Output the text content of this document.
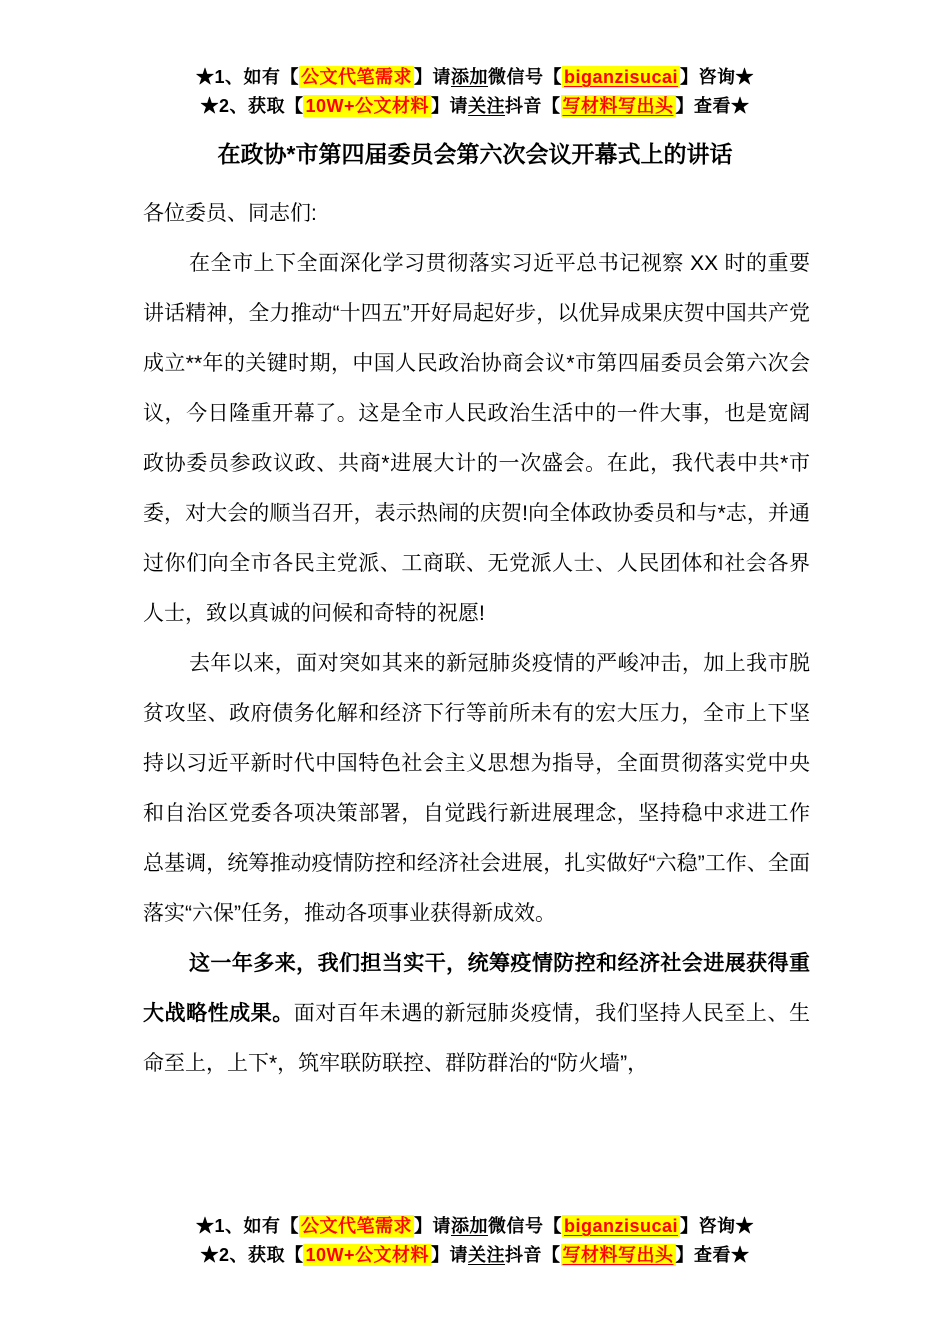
★1、如有【 公文代笔需求 】请添加微信号【 biganzisucai 】咨询★
★2、获取【 10W+公文材料 】请关注抖音【 写材料写出头 】查看★
在政协*市第四届委员会第六次会议开幕式上的讲话

各位委员、同志们:

在全市上下全面深化学习贯彻落实习近平总书记视察 XX 时的重要讲话精神，全力推动“十四五”开好局起好步，以优异成果庆贺中国共产党成立**年的关键时期，中国人民政治协商会议*市第四届委员会第六次会议，今日隆重开幕了。这是全市人民政治生活中的一件大事，也是宽阔政协委员参政议政、共商*进展大计的一次盛会。在此，我代表中共*市委，对大会的顺当召开，表示热闹的庆贺!向全体政协委员和与*志，并通过你们向全市各民主党派、工商联、无党派人士、人民团体和社会各界人士，致以真诚的问候和奇特的祝愿!

去年以来，面对突如其来的新冠肺炎疫情的严峻冲击，加上我市脱贫攻坚、政府债务化解和经济下行等前所未有的宏大压力，全市上下坚持以习近平新时代中国特色社会主义思想为指导，全面贯彻落实党中央和自治区党委各项决策部署，自觉践行新进展理念，坚持稳中求进工作总基调，统筹推动疫情防控和经济社会进展，扎实做好“六稳”工作、全面落实“六保”任务，推动各项事业获得新成效。

这一年多来，我们担当实干，统筹疫情防控和经济社会进展获得重大战略性成果。面对百年未遇的新冠肺炎疫情，我们坚持人民至上、生命至上，上下*，筑牢联防联控、群防群治的“防火墙”，

★1、如有【 公文代笔需求 】请添加微信号【 biganzisucai 】咨询★
★2、获取【 10W+公文材料 】请关注抖音【 写材料写出头 】查看★
